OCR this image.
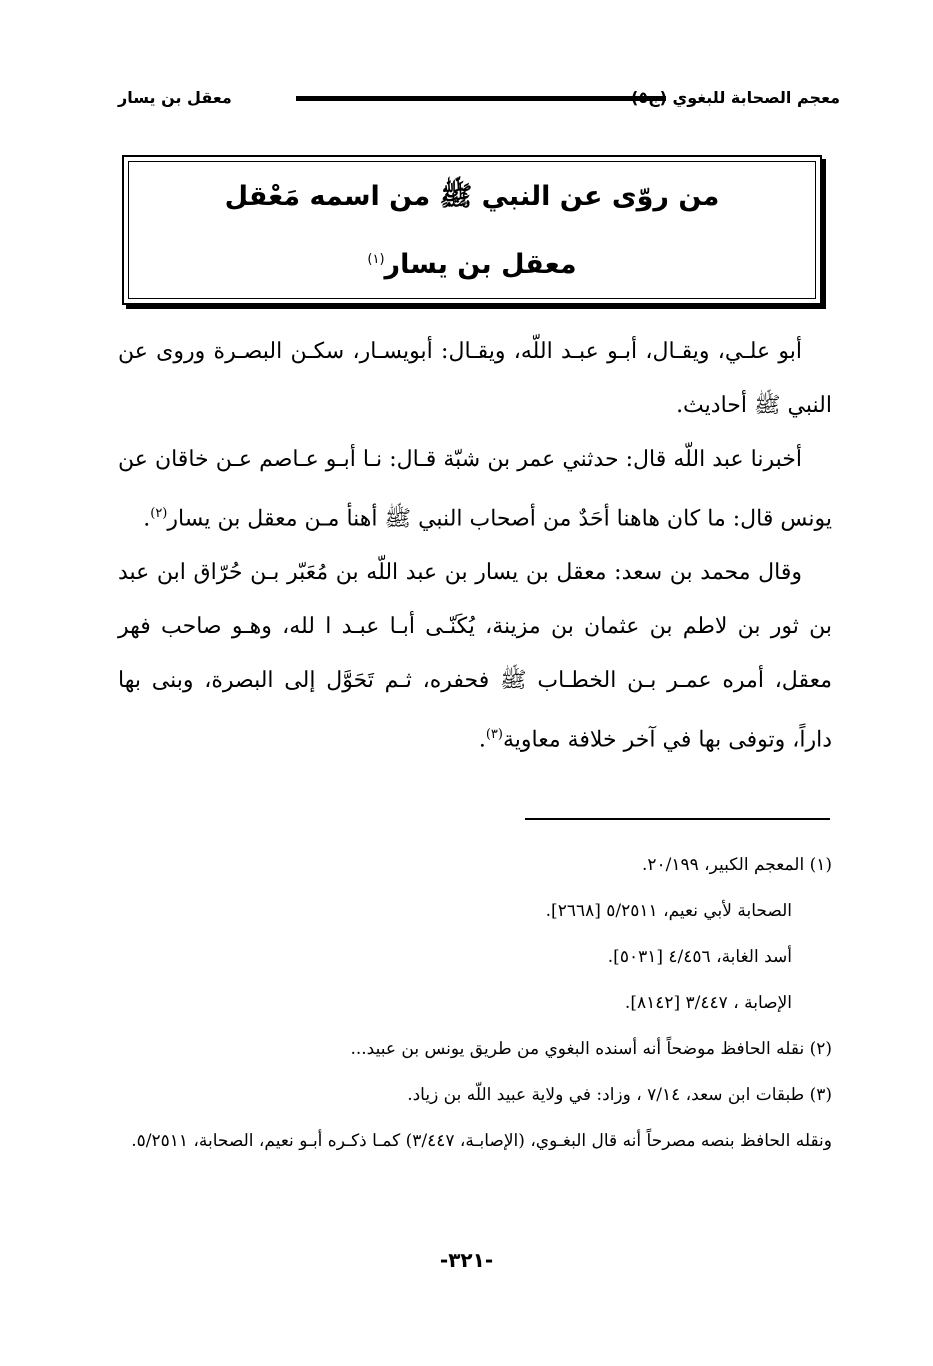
معقل بن يسار	معجم الصحابة للبغوي (ج٥)
من روّى عن النبي ﷺ من اسمه مَعْقل
معقل بن يسار$^{(١)}$

أبو علـي، ويقـال، أبـو عبـد اللّه، ويقـال: أبويسـار، سكـن البصـرة وروى عن النبي ﷺ أحاديث.

أخبرنا عبد اللّه قال: حدثني عمر بن شبّة قـال: نـا أبـو عـاصم عـن خاقان عن يونس قال: ما كان هاهنا أحَدٌ من أصحاب النبي ﷺ أهنأ مـن معقل بن يسار$^{(٢)}$.

وقال محمد بن سعد: معقل بن يسار بن عبد اللّه بن مُعَبّر بـن حُرّاق ابن عبد بن ثور بن لاطم بن عثمان بن مزينة، يُكَنّـى أبـا عبـد ا لله، وهـو صاحب فهر معقل، أمره عمـر بـن الخطـاب ﷺ فحفره، ثـم تَحَوَّل إلى البصرة، وبنى بها داراً، وتوفى بها في آخر خلافة معاوية$^{(٣)}$.

(١) المعجم الكبير، ٢٠/١٩٩.

الصحابة لأبي نعيم، ٥/٢٥١١ [٢٦٦٨].

أسد الغابة، ٤/٤٥٦ [٥٠٣١].

الإصابة ، ٣/٤٤٧ [٨١٤٢].

(٢) نقله الحافظ موضحاً أنه أسنده البغوي من طريق يونس بن عبيد...

(٣) طبقات ابن سعد، ٧/١٤ ، وزاد: في ولاية عبيد اللّه بن زياد.

ونقله الحافظ بنصه مصرحاً أنه قال البغـوي، (الإصابـة، ٣/٤٤٧) كمـا ذكـره أبـو نعيم، الصحابة، ٥/٢٥١١.

-٣٢١-
